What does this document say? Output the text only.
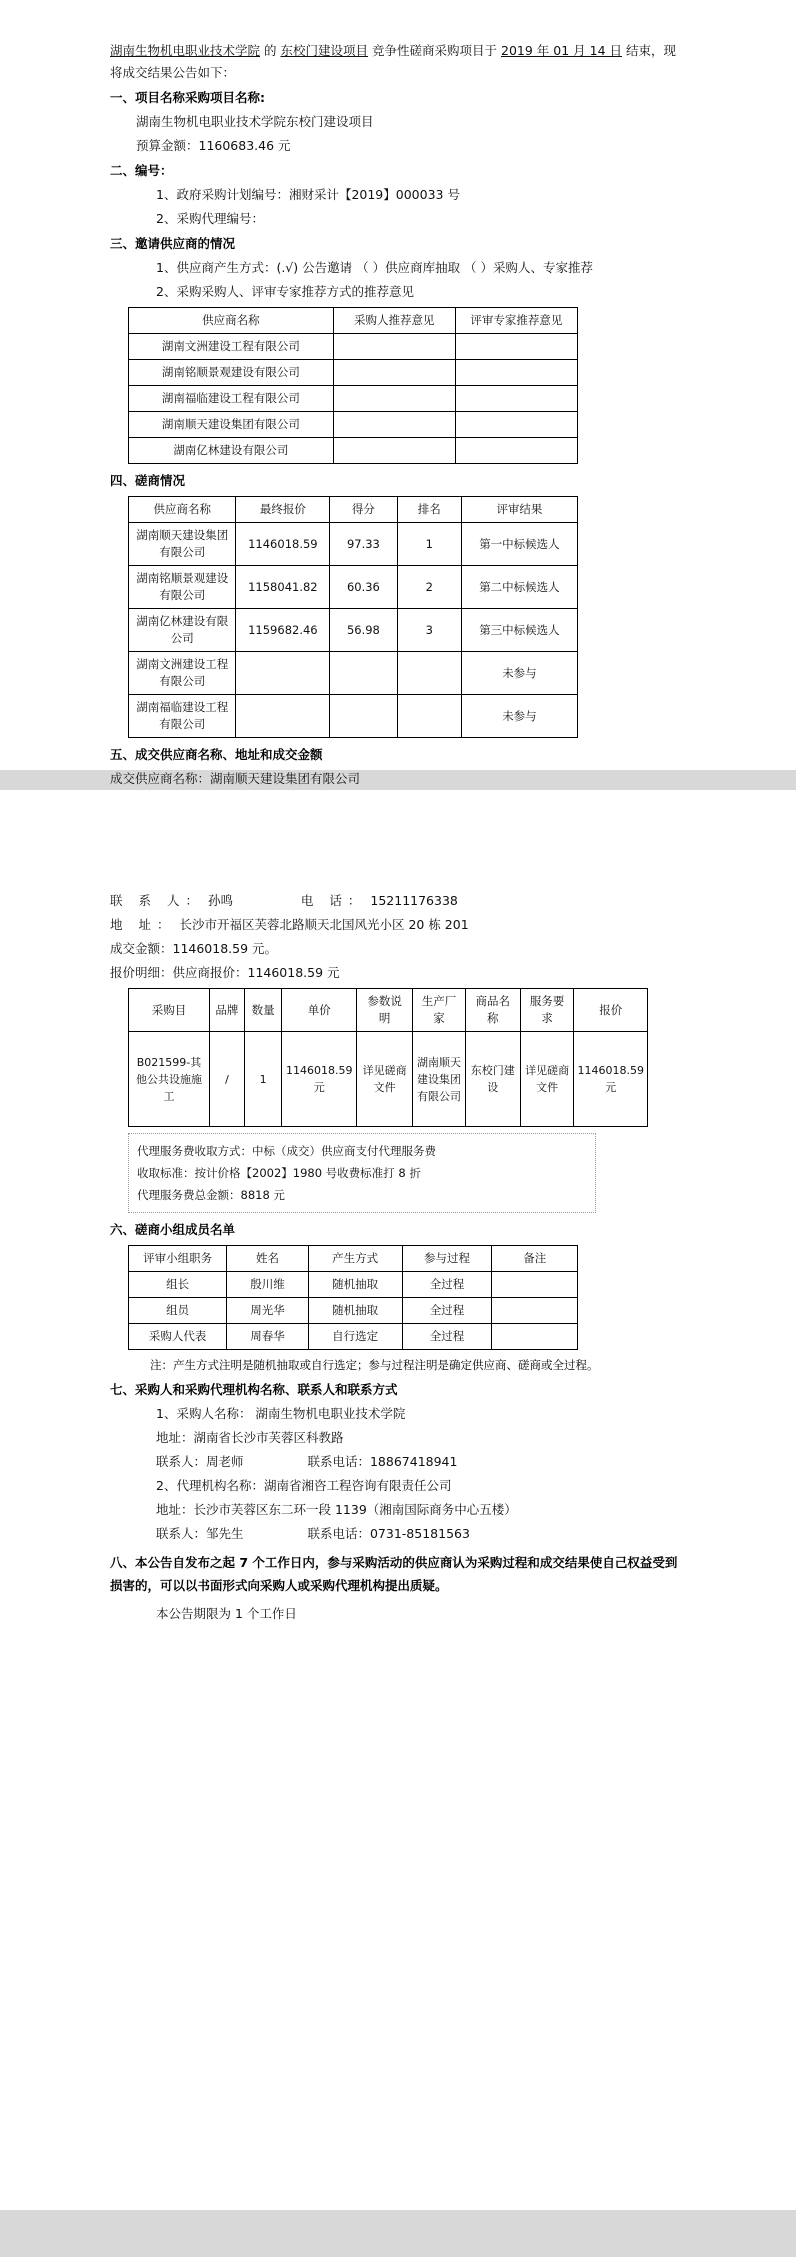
湖南生物机电职业技术学院 的 东校门建设项目 竞争性磋商采购项目于 2019 年 01 月 14 日 结束，现将成交结果公告如下：

一、项目名称采购项目名称:

湖南生物机电职业技术学院东校门建设项目

预算金额：1160683.46 元

二、编号：

1、政府采购计划编号：湘财采计【2019】000033 号

2、采购代理编号：

三、邀请供应商的情况

1、供应商产生方式：(.√) 公告邀请 （ ）供应商库抽取 （ ）采购人、专家推荐

2、采购采购人、评审专家推荐方式的推荐意见

供应商名称	采购人推荐意见	评审专家推荐意见
湖南文洲建设工程有限公司		
湖南铭顺景观建设有限公司		
湖南福临建设工程有限公司		
湖南顺天建设集团有限公司		
湖南亿林建设有限公司		

四、磋商情况

供应商名称	最终报价	得分	排名	评审结果
湖南顺天建设集团有限公司	1146018.59	97.33	1	第一中标候选人
湖南铭顺景观建设有限公司	1158041.82	60.36	2	第二中标候选人
湖南亿林建设有限公司	1159682.46	56.98	3	第三中标候选人
湖南文洲建设工程有限公司				未参与
湖南福临建设工程有限公司				未参与

五、成交供应商名称、地址和成交金额

成交供应商名称：湖南顺天建设集团有限公司

联 系 人： 孙鸣	电 话： 15211176338

地 址： 长沙市开福区芙蓉北路顺天北国风光小区 20 栋 201

成交金额：1146018.59 元。

报价明细：供应商报价：1146018.59 元

采购目	品牌	数量	单价	参数说明	生产厂家	商品名称	服务要求	报价
B021599-其他公共设施施工	/	1	1146018.59 元	详见磋商文件	湖南顺天建设集团有限公司	东校门建设	详见磋商文件	1146018.59 元
代理服务费收取方式：中标（成交）供应商支付代理服务费
收取标准：按计价格【2002】1980 号收费标准打 8 折
代理服务费总金额：8818 元

六、磋商小组成员名单

评审小组职务	姓名	产生方式	参与过程	备注
组长	殷川维	随机抽取	全过程	
组员	周光华	随机抽取	全过程	
采购人代表	周春华	自行选定	全过程	

注：产生方式注明是随机抽取或自行选定；参与过程注明是确定供应商、磋商或全过程。

七、采购人和采购代理机构名称、联系人和联系方式

1、采购人名称： 湖南生物机电职业技术学院

地址：湖南省长沙市芙蓉区科教路

联系人：周老师	联系电话：18867418941

2、代理机构名称：湖南省湘咨工程咨询有限责任公司

地址：长沙市芙蓉区东二环一段 1139（湘南国际商务中心五楼）

联系人：邹先生	联系电话：0731-85181563

八、本公告自发布之起 7 个工作日内，参与采购活动的供应商认为采购过程和成交结果使自己权益受到损害的，可以以书面形式向采购人或采购代理机构提出质疑。

本公告期限为 1 个工作日
